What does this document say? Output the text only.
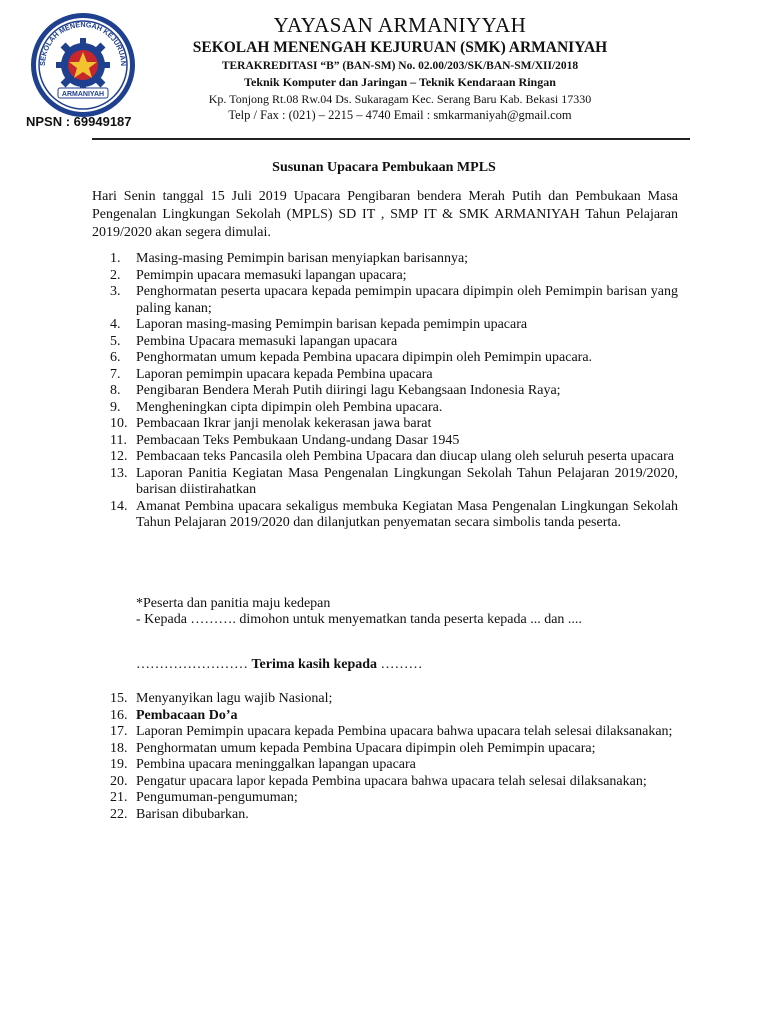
SEKOLAH MENENGAH KEJURUAN
ARMANIYAH

YAYASAN ARMANIYYAH

SEKOLAH MENENGAH KEJURUAN (SMK) ARMANIYAH

TERAKREDITASI “B” (BAN-SM) No. 02.00/203/SK/BAN-SM/XII/2018

Teknik Komputer dan Jaringan – Teknik Kendaraan Ringan

Kp. Tonjong Rt.08 Rw.04 Ds. Sukaragam Kec. Serang Baru Kab. Bekasi 17330

Telp / Fax : (021) – 2215 – 4740 Email : smkarmaniyah@gmail.com

NPSN : 69949187
Susunan Upacara Pembukaan MPLS
Hari Senin tanggal 15 Juli 2019 Upacara Pengibaran bendera Merah Putih dan Pembukaan Masa Pengenalan Lingkungan Sekolah (MPLS) SD IT , SMP IT & SMK ARMANIYAH Tahun Pelajaran 2019/2020 akan segera dimulai.
1. Masing-masing Pemimpin barisan menyiapkan barisannya;
2. Pemimpin upacara memasuki lapangan upacara;
3. Penghormatan peserta upacara kepada pemimpin upacara dipimpin oleh Pemimpin barisan yang paling kanan;
4. Laporan masing-masing Pemimpin barisan kepada pemimpin upacara
5. Pembina Upacara memasuki lapangan upacara
6. Penghormatan umum kepada Pembina upacara dipimpin oleh Pemimpin upacara.
7. Laporan pemimpin upacara kepada Pembina upacara
8. Pengibaran Bendera Merah Putih diiringi lagu Kebangsaan Indonesia Raya;
9. Mengheningkan cipta dipimpin oleh Pembina upacara.
10. Pembacaan Ikrar janji menolak kekerasan jawa barat
11. Pembacaan Teks Pembukaan Undang-undang Dasar 1945
12. Pembacaan teks Pancasila oleh Pembina Upacara dan diucap ulang oleh seluruh peserta upacara
13. Laporan Panitia Kegiatan Masa Pengenalan Lingkungan Sekolah Tahun Pelajaran 2019/2020, barisan diistirahatkan
14. Amanat Pembina upacara sekaligus membuka Kegiatan Masa Pengenalan Lingkungan Sekolah Tahun Pelajaran 2019/2020 dan dilanjutkan penyematan secara simbolis tanda peserta.
*Peserta dan panitia maju kedepan
- Kepada ………. dimohon untuk menyematkan tanda peserta kepada ... dan ....
…………………… Terima kasih kepada ………
15. Menyanyikan lagu wajib Nasional;
16. Pembacaan Do’a
17. Laporan Pemimpin upacara kepada Pembina upacara bahwa upacara telah selesai dilaksanakan;
18. Penghormatan umum kepada Pembina Upacara dipimpin oleh Pemimpin upacara;
19. Pembina upacara meninggalkan lapangan upacara
20. Pengatur upacara lapor kepada Pembina upacara bahwa upacara telah selesai dilaksanakan;
21. Pengumuman-pengumuman;
22. Barisan dibubarkan.
